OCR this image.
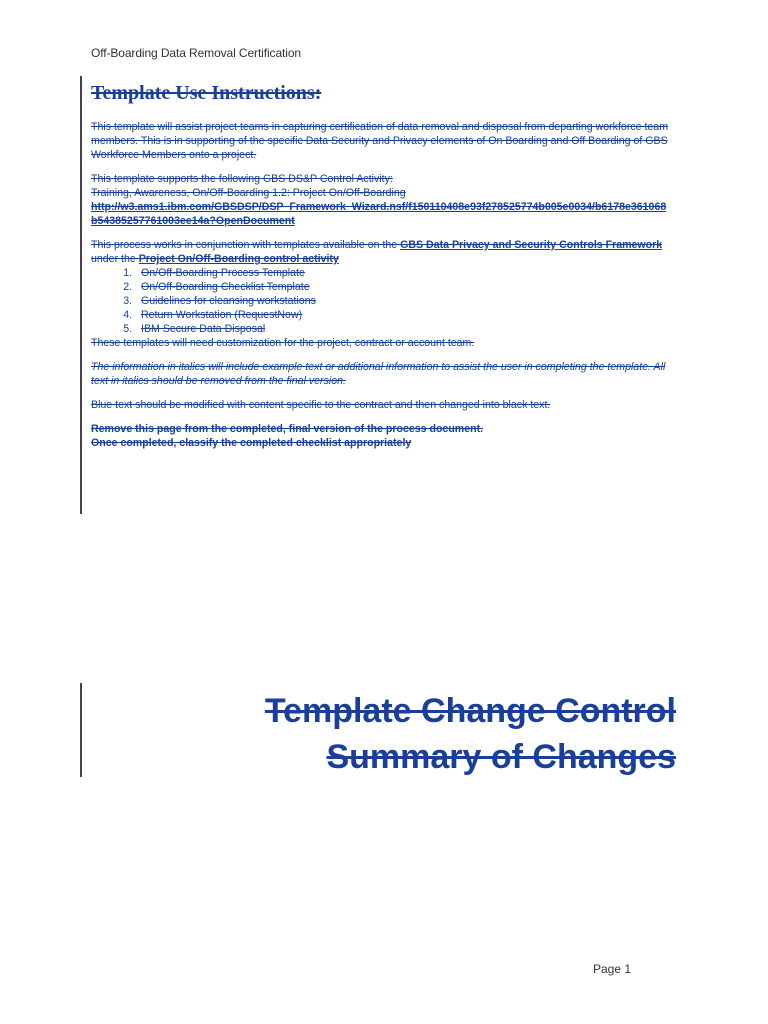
Off-Boarding Data Removal Certification
Template Use Instructions:

This template will assist project teams in capturing certification of data removal and disposal from departing workforce team members. This is in supporting of the specific Data Security and Privacy elements of On Boarding and Off Boarding of GBS Workforce Members onto a project.

This template supports the following GBS DS&P Control Activity:
Training, Awareness, On/Off-Boarding 1.2: Project On/Off-Boarding
http://w3.ams1.ibm.com/GBSDSP/DSP_Framework_Wizard.nsf/f150110408e93f278525774b005e0034/b6178e361068b54385257761003ee14a?OpenDocument

This process works in conjunction with templates available on the GBS Data Privacy and Security Controls Framework under the Project On/Off-Boarding control activity

1. On/Off-Boarding Process Template
2. On/Off-Boarding Checklist Template
3. Guidelines for cleansing workstations
4. Return Workstation (RequestNow)
5. IBM Secure Data Disposal

These templates will need customization for the project, contract or account team.

The information in italics will include example text or additional information to assist the user in completing the template. All text in italics should be removed from the final version.

Blue text should be modified with content specific to the contract and then changed into black text.

Remove this page from the completed, final version of the process document.
Once completed, classify the completed checklist appropriately

Template Change Control
Summary of Changes
Page 1
